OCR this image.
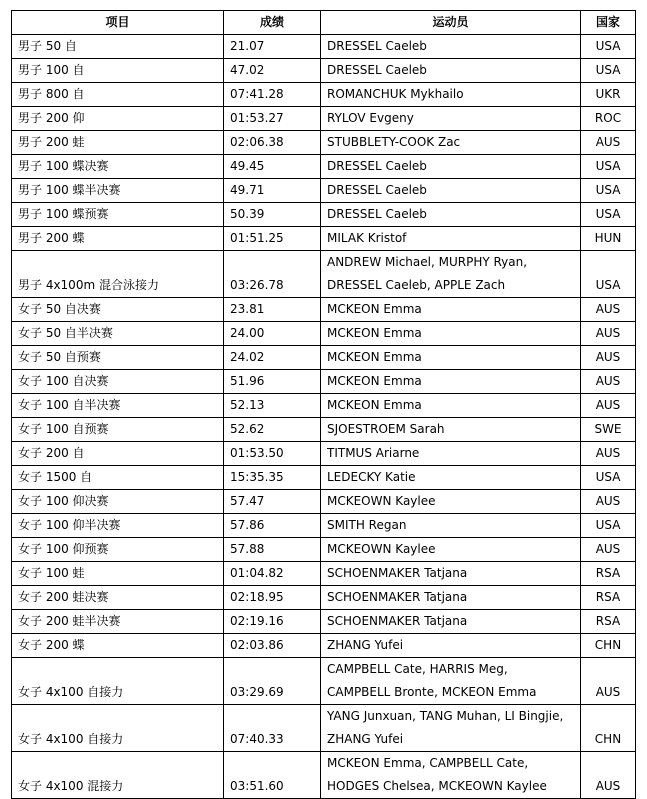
项目	成绩	运动员	国家
男子 50 自	21.07	DRESSEL Caeleb	USA
男子 100 自	47.02	DRESSEL Caeleb	USA
男子 800 自	07:41.28	ROMANCHUK Mykhailo	UKR
男子 200 仰	01:53.27	RYLOV Evgeny	ROC
男子 200 蛙	02:06.38	STUBBLETY-COOK Zac	AUS
男子 100 蝶决赛	49.45	DRESSEL Caeleb	USA
男子 100 蝶半决赛	49.71	DRESSEL Caeleb	USA
男子 100 蝶预赛	50.39	DRESSEL Caeleb	USA
男子 200 蝶	01:51.25	MILAK Kristof	HUN
男子 4x100m 混合泳接力	03:26.78	ANDREW Michael, MURPHY Ryan, DRESSEL Caeleb, APPLE Zach	USA
女子 50 自决赛	23.81	MCKEON Emma	AUS
女子 50 自半决赛	24.00	MCKEON Emma	AUS
女子 50 自预赛	24.02	MCKEON Emma	AUS
女子 100 自决赛	51.96	MCKEON Emma	AUS
女子 100 自半决赛	52.13	MCKEON Emma	AUS
女子 100 自预赛	52.62	SJOESTROEM Sarah	SWE
女子 200 自	01:53.50	TITMUS Ariarne	AUS
女子 1500 自	15:35.35	LEDECKY Katie	USA
女子 100 仰决赛	57.47	MCKEOWN Kaylee	AUS
女子 100 仰半决赛	57.86	SMITH Regan	USA
女子 100 仰预赛	57.88	MCKEOWN Kaylee	AUS
女子 100 蛙	01:04.82	SCHOENMAKER Tatjana	RSA
女子 200 蛙决赛	02:18.95	SCHOENMAKER Tatjana	RSA
女子 200 蛙半决赛	02:19.16	SCHOENMAKER Tatjana	RSA
女子 200 蝶	02:03.86	ZHANG Yufei	CHN
女子 4x100 自接力	03:29.69	CAMPBELL Cate, HARRIS Meg, CAMPBELL Bronte, MCKEON Emma	AUS
女子 4x100 自接力	07:40.33	YANG Junxuan, TANG Muhan, LI Bingjie, ZHANG Yufei	CHN
女子 4x100 混接力	03:51.60	MCKEON Emma, CAMPBELL Cate, HODGES Chelsea, MCKEOWN Kaylee	AUS
